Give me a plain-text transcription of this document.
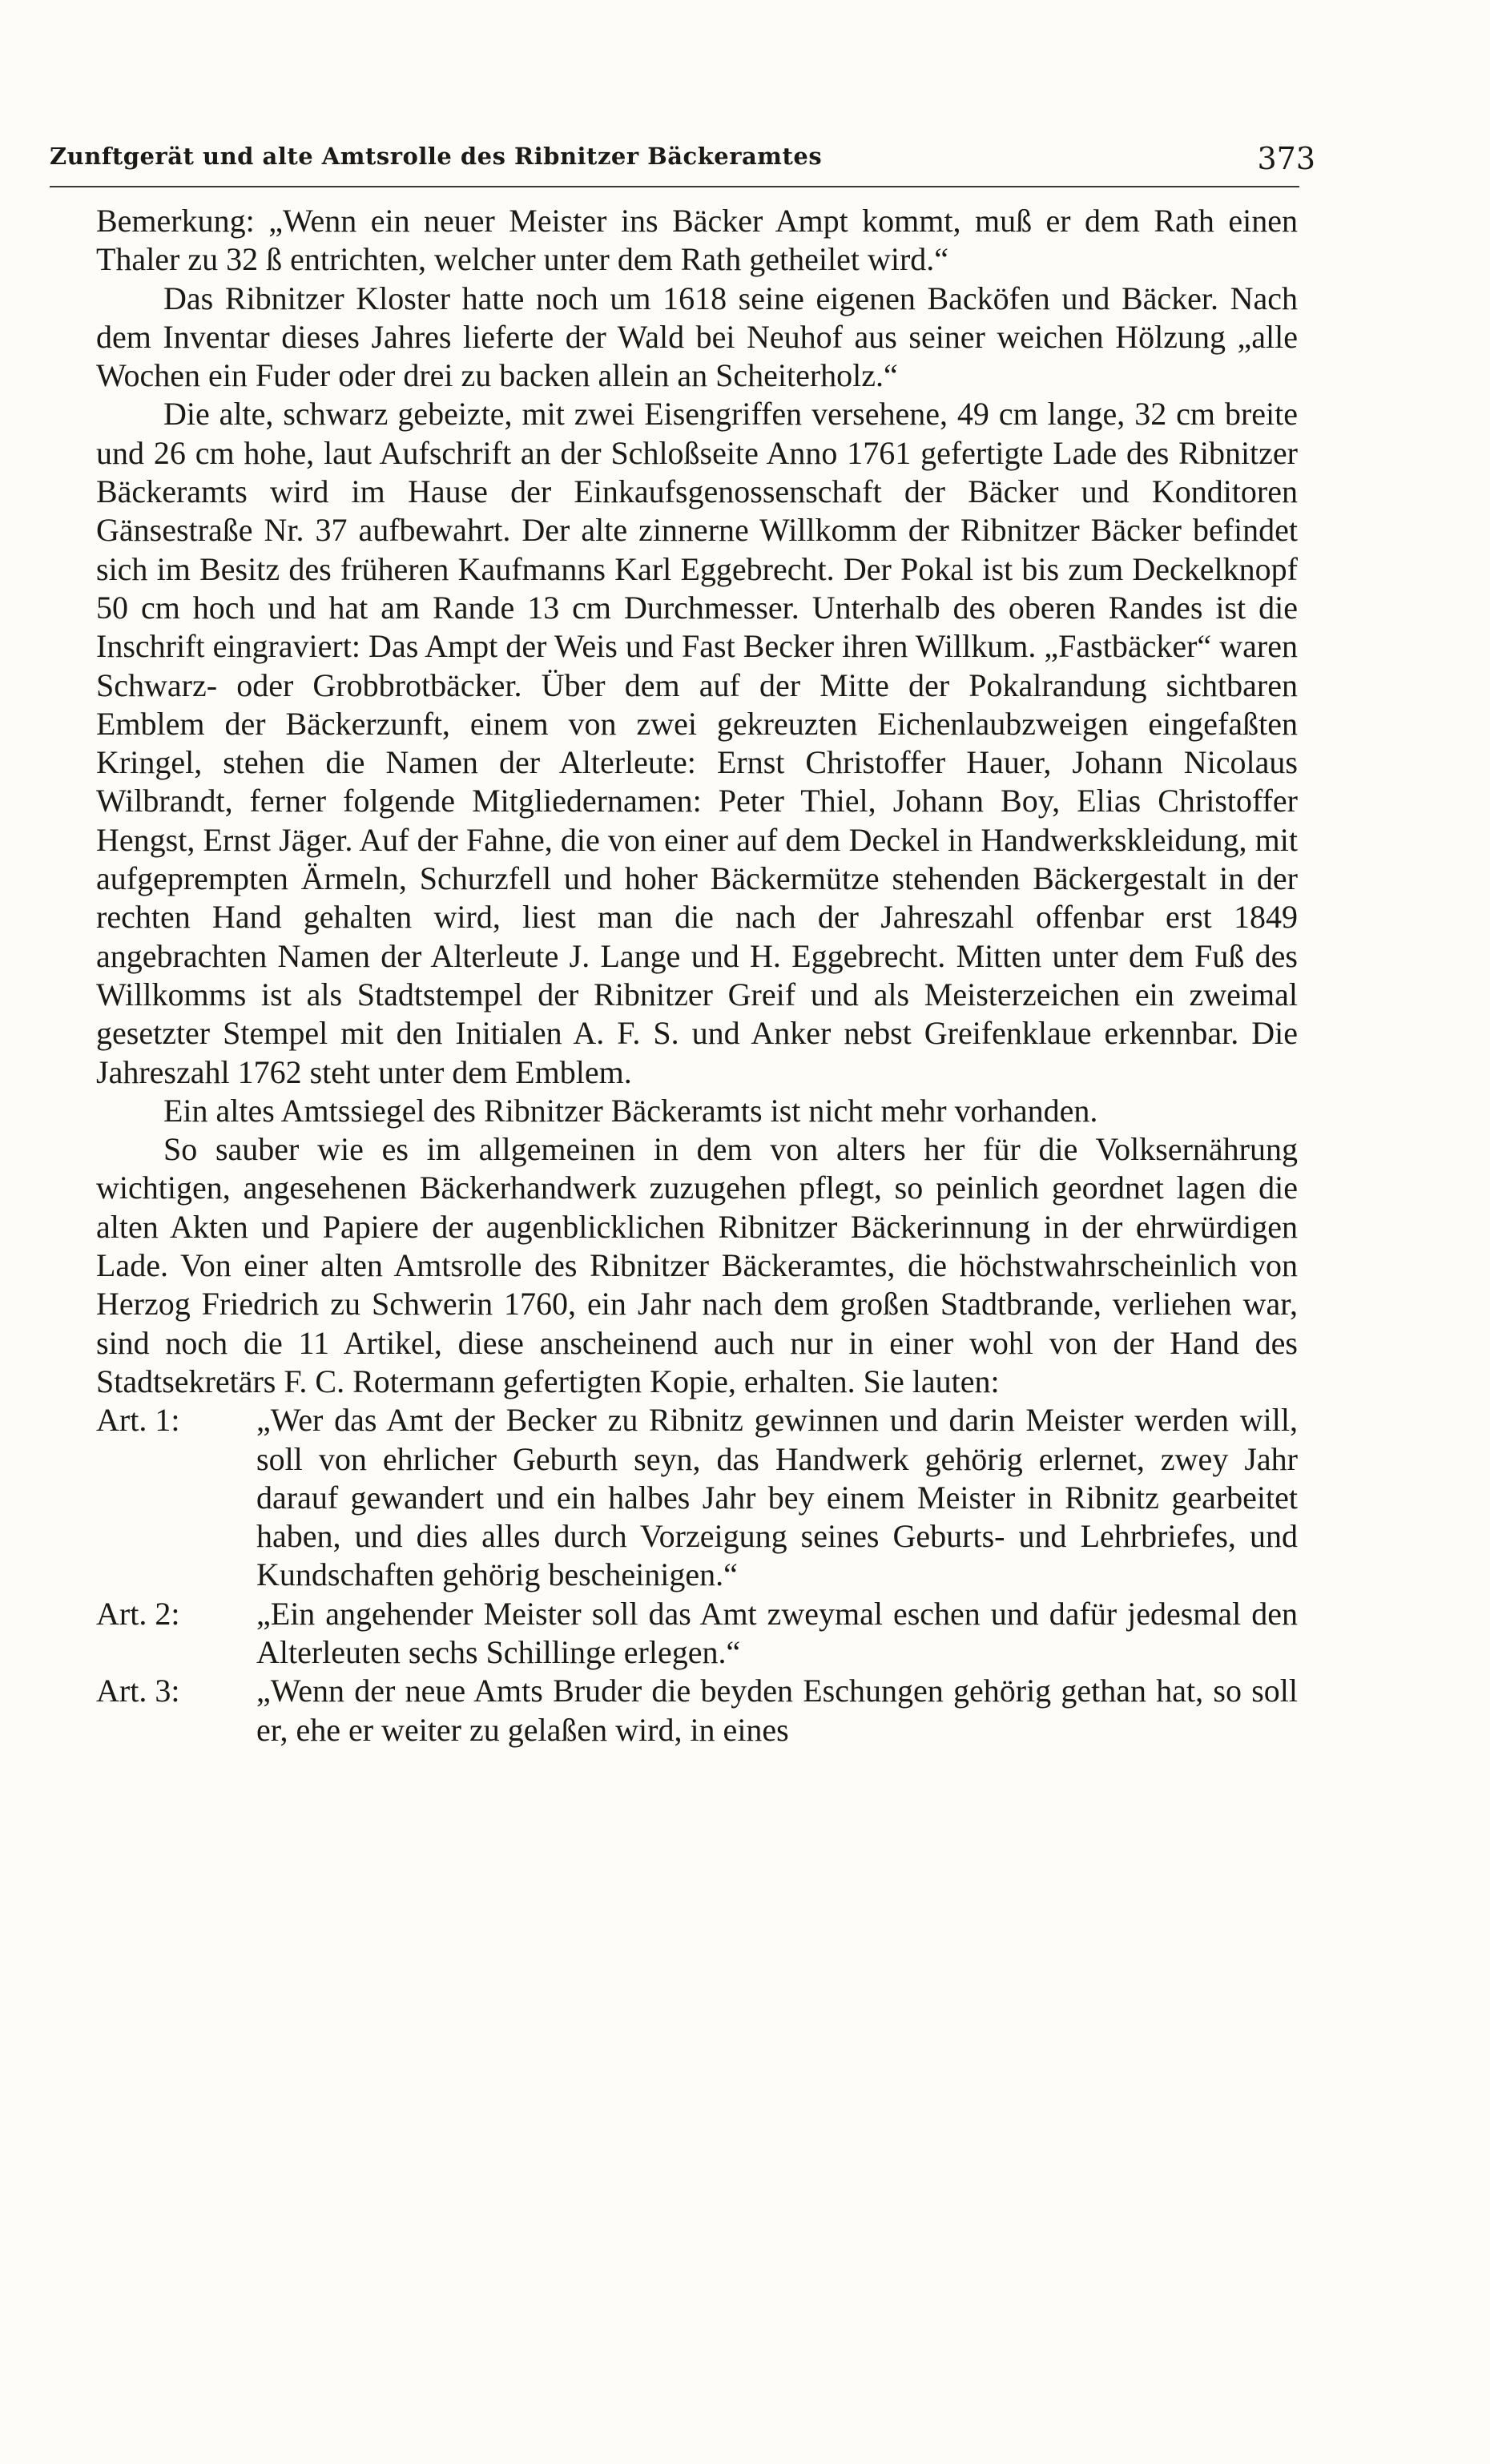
Zunftgerät und alte Amtsrolle des Ribnitzer Bäckeramtes	373

Bemerkung: „Wenn ein neuer Meister ins Bäcker Ampt kommt, muß er dem Rath einen Thaler zu 32 ß entrichten, welcher unter dem Rath getheilet wird.“

Das Ribnitzer Kloster hatte noch um 1618 seine eigenen Backöfen und Bäcker. Nach dem Inventar dieses Jahres lieferte der Wald bei Neuhof aus seiner weichen Hölzung „alle Wochen ein Fuder oder drei zu backen allein an Scheiterholz.“

Die alte, schwarz gebeizte, mit zwei Eisengriffen versehene, 49 cm lange, 32 cm breite und 26 cm hohe, laut Aufschrift an der Schloßseite Anno 1761 gefertigte Lade des Ribnitzer Bäckeramts wird im Hause der Einkaufsgenossenschaft der Bäcker und Konditoren Gänsestraße Nr. 37 aufbewahrt. Der alte zinnerne Willkomm der Ribnitzer Bäcker befindet sich im Besitz des früheren Kaufmanns Karl Eggebrecht. Der Pokal ist bis zum Deckelknopf 50 cm hoch und hat am Rande 13 cm Durchmesser. Unterhalb des oberen Randes ist die Inschrift eingraviert: Das Ampt der Weis und Fast Becker ihren Willkum. „Fastbäcker“ waren Schwarz- oder Grobbrotbäcker. Über dem auf der Mitte der Pokalrandung sichtbaren Emblem der Bäckerzunft, einem von zwei gekreuzten Eichenlaubzweigen eingefaßten Kringel, stehen die Namen der Alterleute: Ernst Christoffer Hauer, Johann Nicolaus Wilbrandt, ferner folgende Mitgliedernamen: Peter Thiel, Johann Boy, Elias Christoffer Hengst, Ernst Jäger. Auf der Fahne, die von einer auf dem Deckel in Handwerkskleidung, mit aufgeprempten Ärmeln, Schurzfell und hoher Bäckermütze stehenden Bäckergestalt in der rechten Hand gehalten wird, liest man die nach der Jahreszahl offenbar erst 1849 angebrachten Namen der Alterleute J. Lange und H. Eggebrecht. Mitten unter dem Fuß des Willkomms ist als Stadtstempel der Ribnitzer Greif und als Meisterzeichen ein zweimal gesetzter Stempel mit den Initialen A. F. S. und Anker nebst Greifenklaue erkennbar. Die Jahreszahl 1762 steht unter dem Emblem.

Ein altes Amtssiegel des Ribnitzer Bäckeramts ist nicht mehr vorhanden.

So sauber wie es im allgemeinen in dem von alters her für die Volksernährung wichtigen, angesehenen Bäckerhandwerk zuzugehen pflegt, so peinlich geordnet lagen die alten Akten und Papiere der augenblicklichen Ribnitzer Bäckerinnung in der ehrwürdigen Lade. Von einer alten Amtsrolle des Ribnitzer Bäckeramtes, die höchstwahrscheinlich von Herzog Friedrich zu Schwerin 1760, ein Jahr nach dem großen Stadtbrande, verliehen war, sind noch die 11 Artikel, diese anscheinend auch nur in einer wohl von der Hand des Stadtsekretärs F. C. Rotermann gefertigten Kopie, erhalten. Sie lauten:

Art. 1:	„Wer das Amt der Becker zu Ribnitz gewinnen und darin Meister werden will, soll von ehrlicher Geburth seyn, das Handwerk gehörig erlernet, zwey Jahr darauf gewandert und ein halbes Jahr bey einem Meister in Ribnitz gearbeitet haben, und dies alles durch Vorzeigung seines Geburts- und Lehrbriefes, und Kundschaften gehörig bescheinigen.“
Art. 2:	„Ein angehender Meister soll das Amt zweymal eschen und dafür jedesmal den Alterleuten sechs Schillinge erlegen.“
Art. 3:	„Wenn der neue Amts Bruder die beyden Eschungen gehörig gethan hat, so soll er, ehe er weiter zu gelaßen wird, in eines
